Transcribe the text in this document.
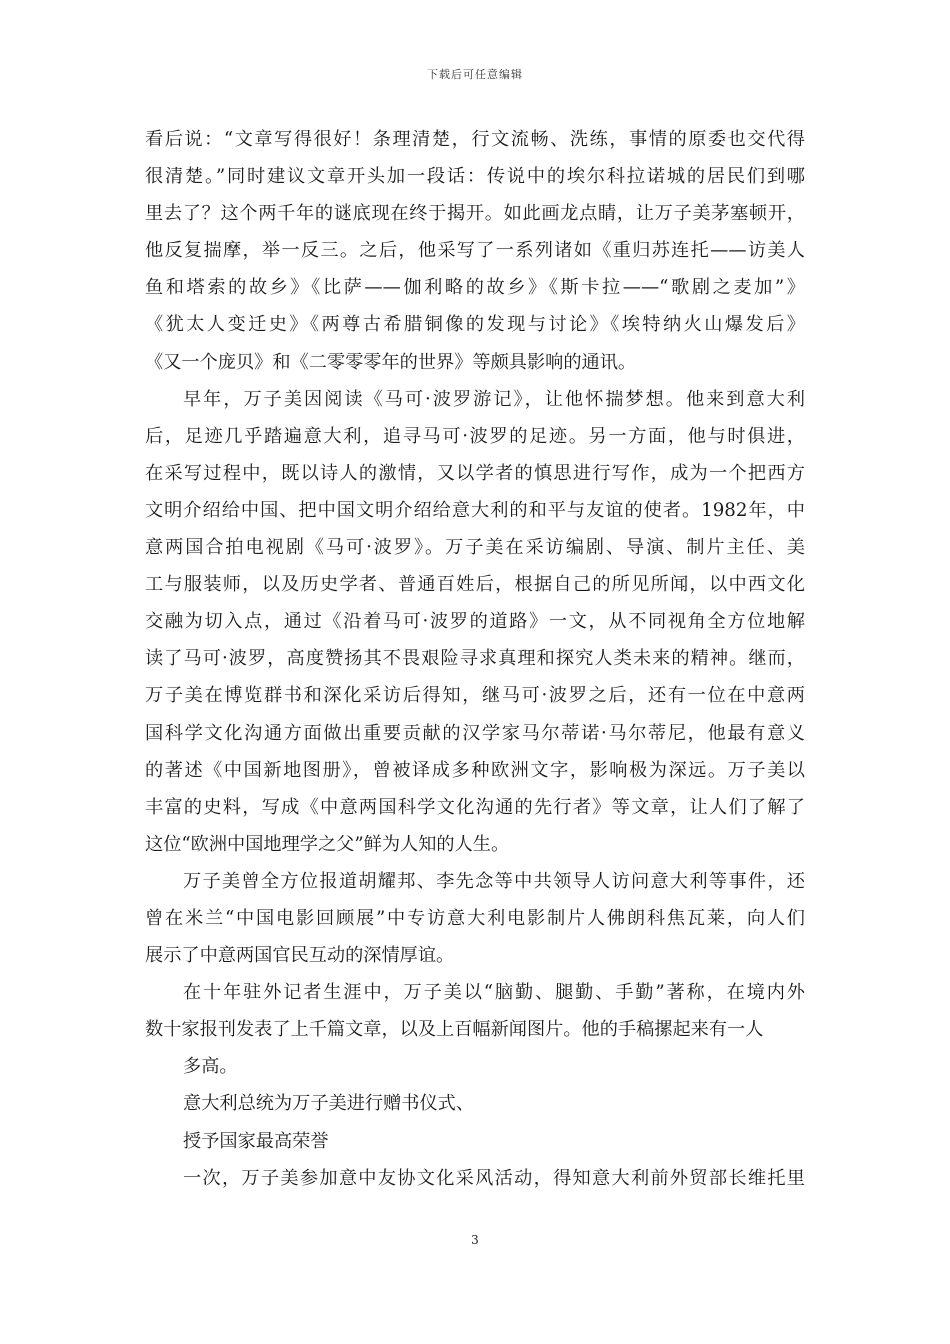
下载后可任意编辑
看后说：“文章写得很好！条理清楚，行文流畅、洗练，事情的原委也交代得
很清楚。”同时建议文章开头加一段话：传说中的埃尔科拉诺城的居民们到哪
里去了？这个两千年的谜底现在终于揭开。如此画龙点睛，让万子美茅塞顿开，
他反复揣摩，举一反三。之后，他采写了一系列诸如《重归苏连托——访美人
鱼和塔索的故乡》《比萨——伽利略的故乡》《斯卡拉——“歌剧之麦加”》
《犹太人变迁史》《两尊古希腊铜像的发现与讨论》《埃特纳火山爆发后》
《又一个庞贝》和《二零零零年的世界》等颇具影响的通讯。
早年，万子美因阅读《马可·波罗游记》，让他怀揣梦想。他来到意大利
后，足迹几乎踏遍意大利，追寻马可·波罗的足迹。另一方面，他与时俱进，
在采写过程中，既以诗人的激情，又以学者的慎思进行写作，成为一个把西方
文明介绍给中国、把中国文明介绍给意大利的和平与友谊的使者。1982年，中
意两国合拍电视剧《马可·波罗》。万子美在采访编剧、导演、制片主任、美
工与服装师，以及历史学者、普通百姓后，根据自己的所见所闻，以中西文化
交融为切入点，通过《沿着马可·波罗的道路》一文，从不同视角全方位地解
读了马可·波罗，高度赞扬其不畏艰险寻求真理和探究人类未来的精神。继而，
万子美在博览群书和深化采访后得知，继马可·波罗之后，还有一位在中意两
国科学文化沟通方面做出重要贡献的汉学家马尔蒂诺·马尔蒂尼，他最有意义
的著述《中国新地图册》，曾被译成多种欧洲文字，影响极为深远。万子美以
丰富的史料，写成《中意两国科学文化沟通的先行者》等文章，让人们了解了
这位“欧洲中国地理学之父”鲜为人知的人生。
万子美曾全方位报道胡耀邦、李先念等中共领导人访问意大利等事件，还
曾在米兰“中国电影回顾展”中专访意大利电影制片人佛朗科焦瓦莱，向人们
展示了中意两国官民互动的深情厚谊。
在十年驻外记者生涯中，万子美以“脑勤、腿勤、手勤”著称，在境内外
数十家报刊发表了上千篇文章，以及上百幅新闻图片。他的手稿摞起来有一人
多高。
意大利总统为万子美进行赠书仪式、
授予国家最高荣誉
一次，万子美参加意中友协文化采风活动，得知意大利前外贸部长维托里
3
